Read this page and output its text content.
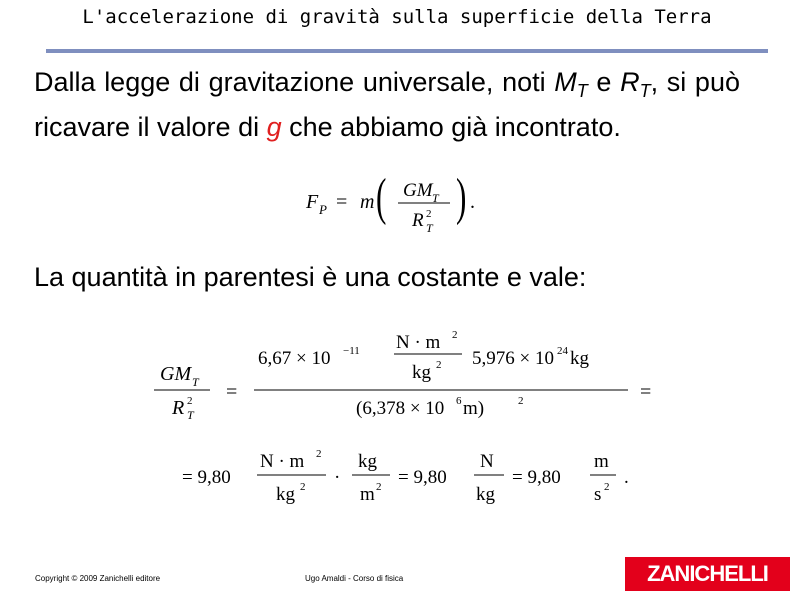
L'accelerazione di gravità sulla superficie della Terra
Dalla legge di gravitazione universale, noti $M_T$ e $R_T$, si può ricavare il valore di g che abbiamo già incontrato.
F P = m ( GM T
R 2
T
) .
La quantità in parentesi è una costante e vale:
GM T
R 2
T
=
6,67 × 10 −11 N · m 2
kg 2 5,976 × 10 24 kg
(6,378 × 10 6 m)	2	=
= 9,80
N · m 2
kg 2 ·
kg
m 2 = 9,80
N
kg
= 9,80
m
s 2 .
Copyright © 2009 Zanichelli editore	Ugo Amaldi - Corso di fisica	ZANICHELLI
